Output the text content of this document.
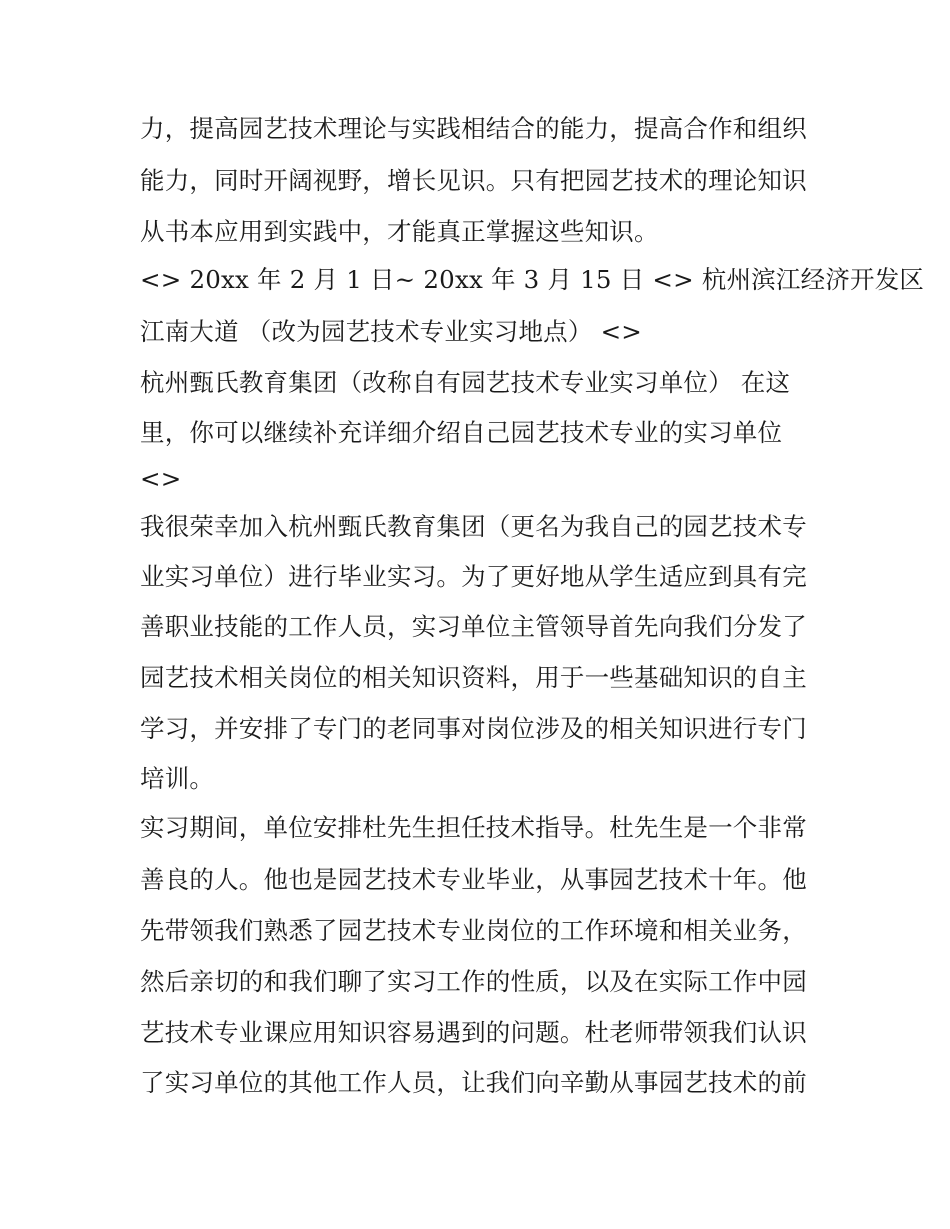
力，提高园艺技术理论与实践相结合的能力，提高合作和组织
能力，同时开阔视野，增长见识。只有把园艺技术的理论知识
从书本应用到实践中，才能真正掌握这些知识。
<> 20xx 年 2 月 1 日~ 20xx 年 3 月 15 日 <> 杭州滨江经济开发区
江南大道 （改为园艺技术专业实习地点） <>
杭州甄氏教育集团（改称自有园艺技术专业实习单位） 在这
里，你可以继续补充详细介绍自己园艺技术专业的实习单位
<>
我很荣幸加入杭州甄氏教育集团（更名为我自己的园艺技术专
业实习单位）进行毕业实习。为了更好地从学生适应到具有完
善职业技能的工作人员，实习单位主管领导首先向我们分发了
园艺技术相关岗位的相关知识资料，用于一些基础知识的自主
学习，并安排了专门的老同事对岗位涉及的相关知识进行专门
培训。
实习期间，单位安排杜先生担任技术指导。杜先生是一个非常
善良的人。他也是园艺技术专业毕业，从事园艺技术十年。他
先带领我们熟悉了园艺技术专业岗位的工作环境和相关业务，
然后亲切的和我们聊了实习工作的性质，以及在实际工作中园
艺技术专业课应用知识容易遇到的问题。杜老师带领我们认识
了实习单位的其他工作人员，让我们向辛勤从事园艺技术的前
